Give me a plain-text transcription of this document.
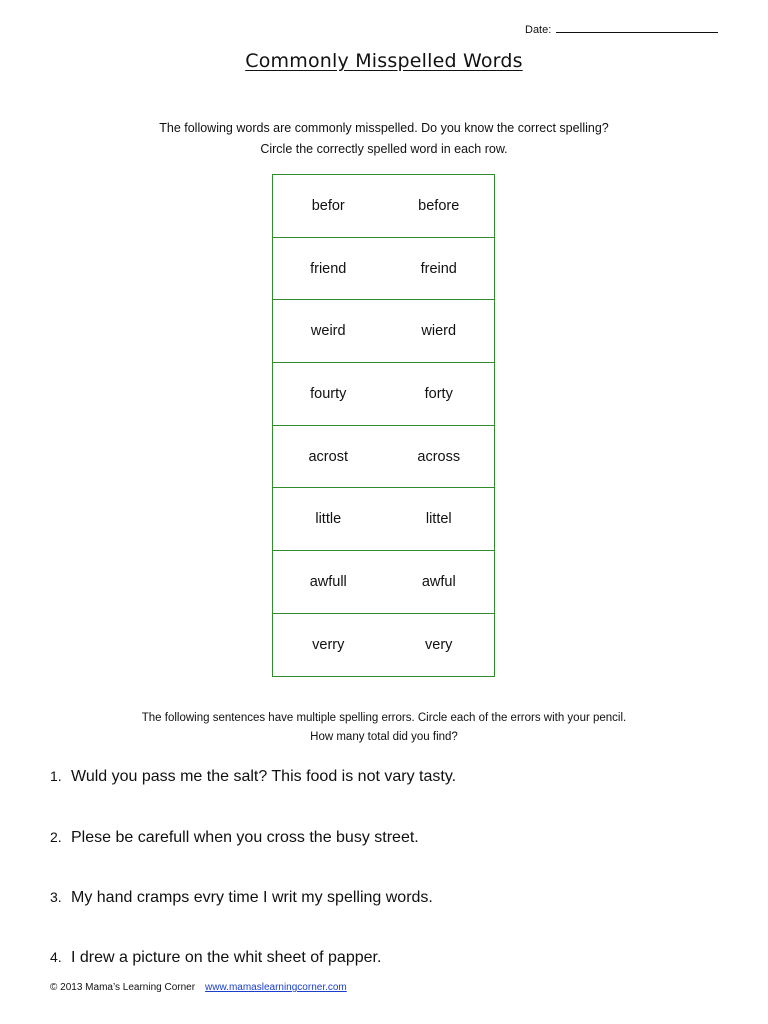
Date:
Commonly Misspelled Words
The following words are commonly misspelled. Do you know the correct spelling?
Circle the correctly spelled word in each row.
befor	before
friend	freind
weird	wierd
fourty	forty
acrost	across
little	littel
awfull	awful
verry	very
The following sentences have multiple spelling errors. Circle each of the errors with your pencil.
How many total did you find?
1. Wuld you pass me the salt? This food is not vary tasty.
2. Plese be carefull when you cross the busy street.
3. My hand cramps evry time I writ my spelling words.
4. I drew a picture on the whit sheet of papper.
© 2013 Mama’s Learning Corner www.mamaslearningcorner.com
